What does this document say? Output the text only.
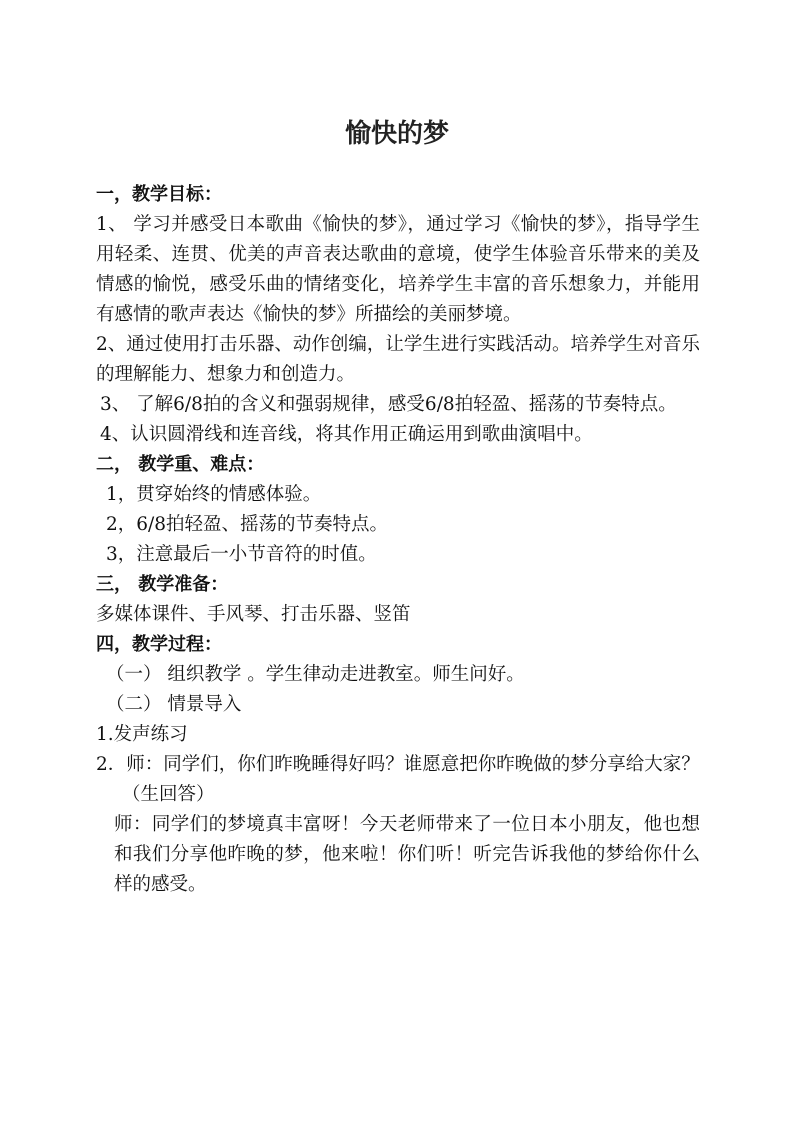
愉快的梦

一，教学目标：

1、 学习并感受日本歌曲《愉快的梦》，通过学习《愉快的梦》，指导学生用轻柔、连贯、优美的声音表达歌曲的意境，使学生体验音乐带来的美及情感的愉悦，感受乐曲的情绪变化，培养学生丰富的音乐想象力，并能用有感情的歌声表达《愉快的梦》所描绘的美丽梦境。

2、通过使用打击乐器、动作创编，让学生进行实践活动。培养学生对音乐的理解能力、想象力和创造力。

3、 了解6/8拍的含义和强弱规律，感受6/8拍轻盈、摇荡的节奏特点。

4、认识圆滑线和连音线，将其作用正确运用到歌曲演唱中。

二， 教学重、难点：

1，贯穿始终的情感体验。

2，6/8拍轻盈、摇荡的节奏特点。

3，注意最后一小节音符的时值。

三， 教学准备：

多媒体课件、手风琴、打击乐器、竖笛

四，教学过程：

（一） 组织教学 。学生律动走进教室。师生问好。

（二） 情景导入

1.发声练习

2．师：同学们，你们昨晚睡得好吗？谁愿意把你昨晚做的梦分享给大家？

（生回答）

师：同学们的梦境真丰富呀！今天老师带来了一位日本小朋友，他也想和我们分享他昨晚的梦，他来啦！你们听！听完告诉我他的梦给你什么样的感受。
